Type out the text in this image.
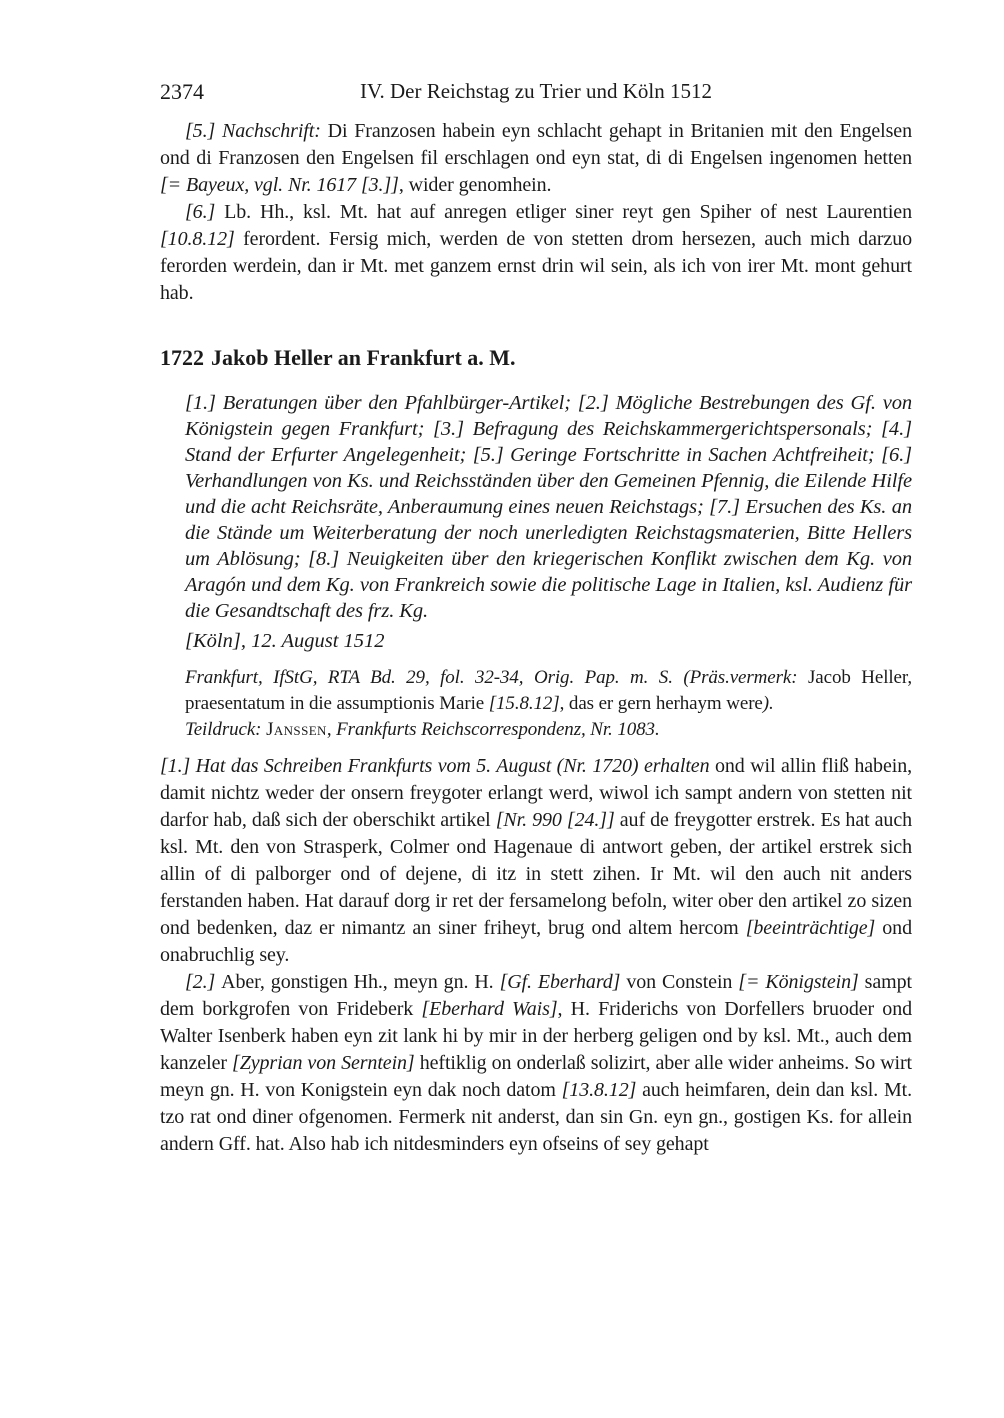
2374	IV. Der Reichstag zu Trier und Köln 1512

[5.] Nachschrift: Di Franzosen habein eyn schlacht gehapt in Britanien mit den Engelsen ond di Franzosen den Engelsen fil erschlagen ond eyn stat, di di Engelsen ingenomen hetten [= Bayeux, vgl. Nr. 1617 [3.]], wider genomhein.

[6.] Lb. Hh., ksl. Mt. hat auf anregen etliger siner reyt gen Spiher of nest Laurentien [10.8.12] ferordent. Fersig mich, werden de von stetten drom hersezen, auch mich darzuo ferorden werdein, dan ir Mt. met ganzem ernst drin wil sein, als ich von irer Mt. mont gehurt hab.

1722 Jakob Heller an Frankfurt a. M.

[1.] Beratungen über den Pfahlbürger-Artikel; [2.] Mögliche Bestrebungen des Gf. von Königstein gegen Frankfurt; [3.] Befragung des Reichskammergerichtspersonals; [4.] Stand der Erfurter Angelegenheit; [5.] Geringe Fortschritte in Sachen Achtfreiheit; [6.] Verhandlungen von Ks. und Reichsständen über den Gemeinen Pfennig, die Eilende Hilfe und die acht Reichsräte, Anberaumung eines neuen Reichstags; [7.] Ersuchen des Ks. an die Stände um Weiterberatung der noch unerledigten Reichstagsmaterien, Bitte Hellers um Ablösung; [8.] Neuigkeiten über den kriegerischen Konflikt zwischen dem Kg. von Aragón und dem Kg. von Frankreich sowie die politische Lage in Italien, ksl. Audienz für die Gesandtschaft des frz. Kg.

[Köln], 12. August 1512

Frankfurt, IfStG, RTA Bd. 29, fol. 32-34, Orig. Pap. m. S. (Präs.vermerk: Jacob Heller, praesentatum in die assumptionis Marie [15.8.12], das er gern herhaym were).

Teildruck: Janssen, Frankfurts Reichscorrespondenz, Nr. 1083.

[1.] Hat das Schreiben Frankfurts vom 5. August (Nr. 1720) erhalten ond wil allin fliß habein, damit nichtz weder der onsern freygoter erlangt werd, wiwol ich sampt andern von stetten nit darfor hab, daß sich der oberschikt artikel [Nr. 990 [24.]] auf de freygotter erstrek. Es hat auch ksl. Mt. den von Strasperk, Colmer ond Hagenaue di antwort geben, der artikel erstrek sich allin of di palborger ond of dejene, di itz in stett zihen. Ir Mt. wil den auch nit anders ferstanden haben. Hat darauf dorg ir ret der fersamelong befoln, witer ober den artikel zo sizen ond bedenken, daz er nimantz an siner friheyt, brug ond altem hercom [beeinträchtige] ond onabruchlig sey.

[2.] Aber, gonstigen Hh., meyn gn. H. [Gf. Eberhard] von Constein [= Königstein] sampt dem borkgrofen von Frideberk [Eberhard Wais], H. Friderichs von Dorfellers bruoder ond Walter Isenberk haben eyn zit lank hi by mir in der herberg geligen ond by ksl. Mt., auch dem kanzeler [Zyprian von Serntein] heftiklig on onderlaß solizirt, aber alle wider anheims. So wirt meyn gn. H. von Konigstein eyn dak noch datom [13.8.12] auch heimfaren, dein dan ksl. Mt. tzo rat ond diner ofgenomen. Fermerk nit anderst, dan sin Gn. eyn gn., gostigen Ks. for allein andern Gff. hat. Also hab ich nitdesminders eyn ofseins of sey gehapt
